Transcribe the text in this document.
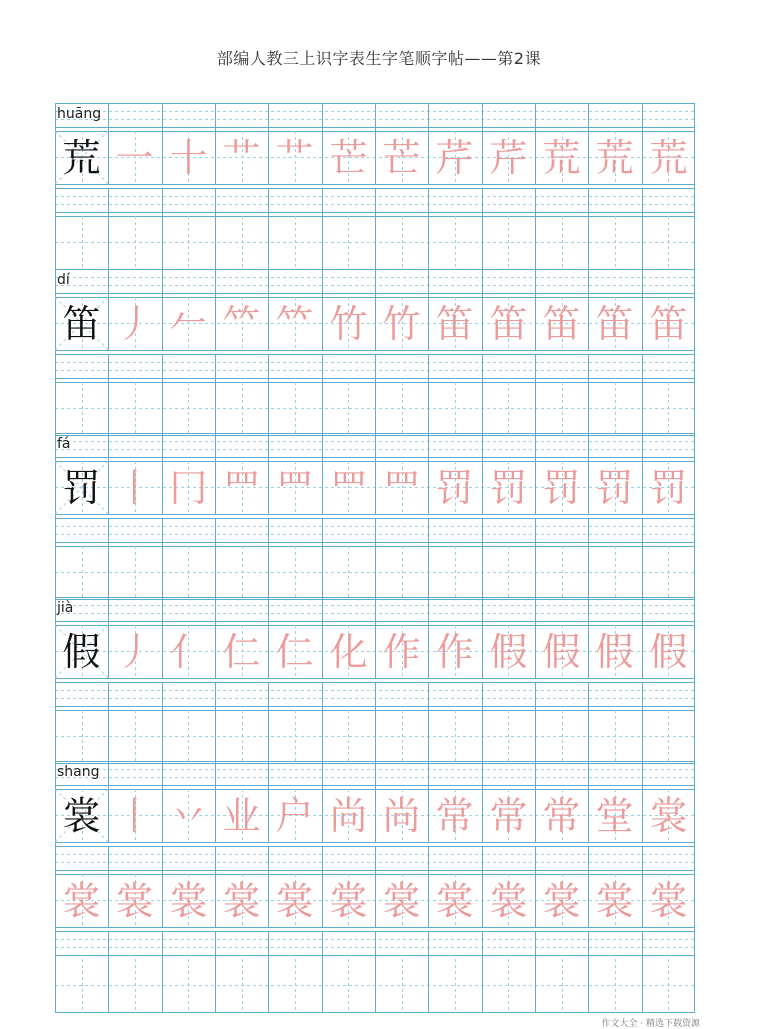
部编人教三上识字表生字笔顺字帖——第2课
huāng
荒 一 十 艹 艹 芒 芒 芹 芹 荒 荒 荒
dí
笛 丿 𠂉 𥫗 𥫗 竹 竹 笛 笛 笛 笛 笛
fá
罚 丨 冂 罒 罒 罒 罒 罚 罚 罚 罚 罚
jià
假 丿 亻 仁 仁 化 作 作 假 假 假 假
shang
裳 丨 丷 业 户 尚 尚 常 常 常 堂 裳
裳 裳 裳 裳 裳 裳 裳 裳 裳 裳 裳 裳
作文大全 · 精选下载资源
